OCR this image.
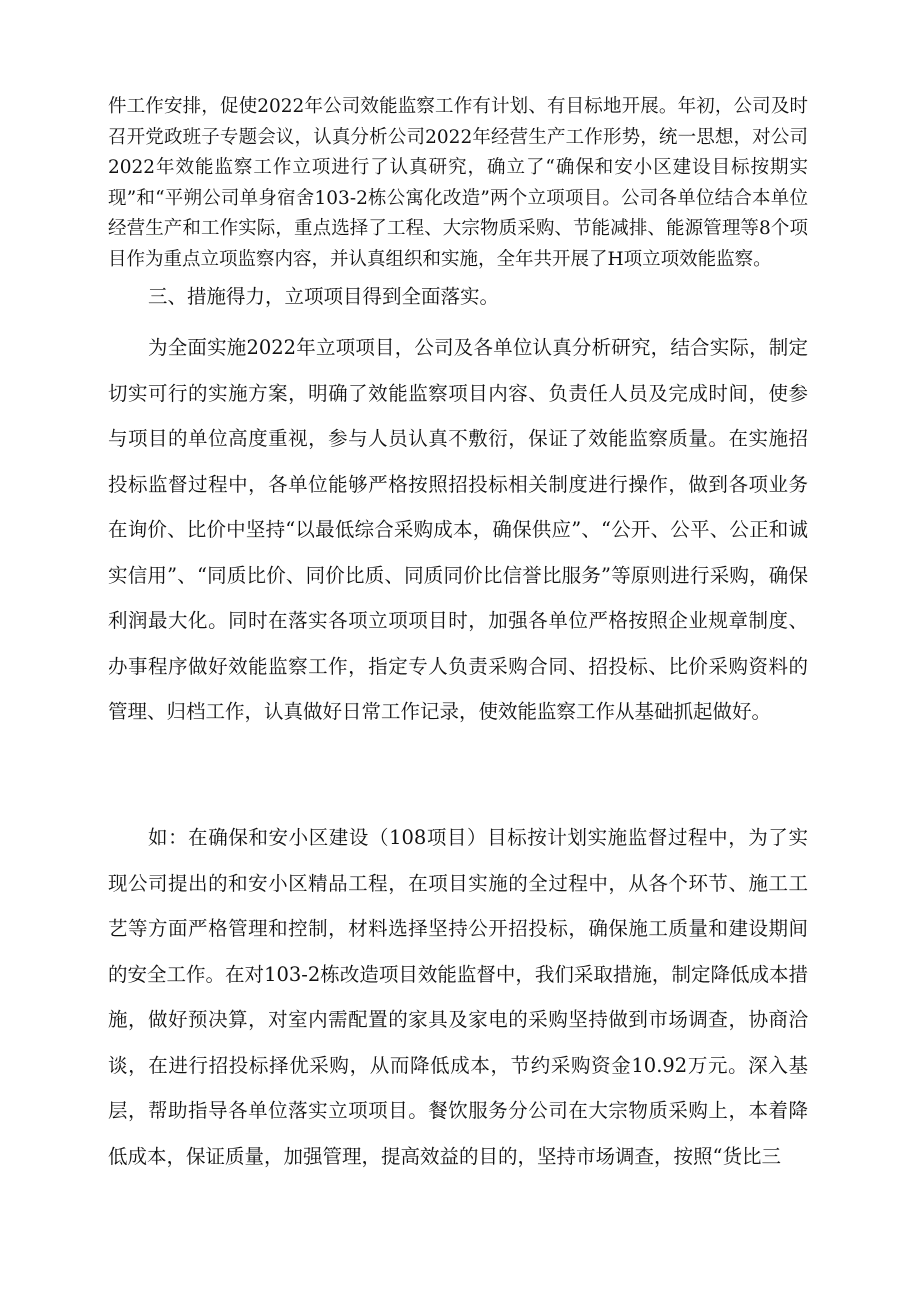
件工作安排，促使2022年公司效能监察工作有计划、有目标地开展。年初，公司及时召开党政班子专题会议，认真分析公司2022年经营生产工作形势，统一思想，对公司2022年效能监察工作立项进行了认真研究，确立了“确保和安小区建设目标按期实现”和“平朔公司单身宿舍103-2栋公寓化改造”两个立项项目。公司各单位结合本单位经营生产和工作实际，重点选择了工程、大宗物质采购、节能减排、能源管理等8个项目作为重点立项监察内容，并认真组织和实施，全年共开展了H项立项效能监察。

三、措施得力，立项项目得到全面落实。

为全面实施2022年立项项目，公司及各单位认真分析研究，结合实际，制定切实可行的实施方案，明确了效能监察项目内容、负责任人员及完成时间，使参与项目的单位高度重视，参与人员认真不敷衍，保证了效能监察质量。在实施招投标监督过程中，各单位能够严格按照招投标相关制度进行操作，做到各项业务在询价、比价中坚持“以最低综合采购成本，确保供应”、“公开、公平、公正和诚实信用”、“同质比价、同价比质、同质同价比信誉比服务”等原则进行采购，确保利润最大化。同时在落实各项立项项目时，加强各单位严格按照企业规章制度、办事程序做好效能监察工作，指定专人负责采购合同、招投标、比价采购资料的管理、归档工作，认真做好日常工作记录，使效能监察工作从基础抓起做好。

如：在确保和安小区建设（108项目）目标按计划实施监督过程中，为了实现公司提出的和安小区精品工程，在项目实施的全过程中，从各个环节、施工工艺等方面严格管理和控制，材料选择坚持公开招投标，确保施工质量和建设期间的安全工作。在对103-2栋改造项目效能监督中，我们采取措施，制定降低成本措施，做好预决算，对室内需配置的家具及家电的采购坚持做到市场调查，协商洽谈，在进行招投标择优采购，从而降低成本，节约采购资金10.92万元。深入基层，帮助指导各单位落实立项项目。餐饮服务分公司在大宗物质采购上，本着降低成本，保证质量，加强管理，提高效益的目的，坚持市场调查，按照“货比三
